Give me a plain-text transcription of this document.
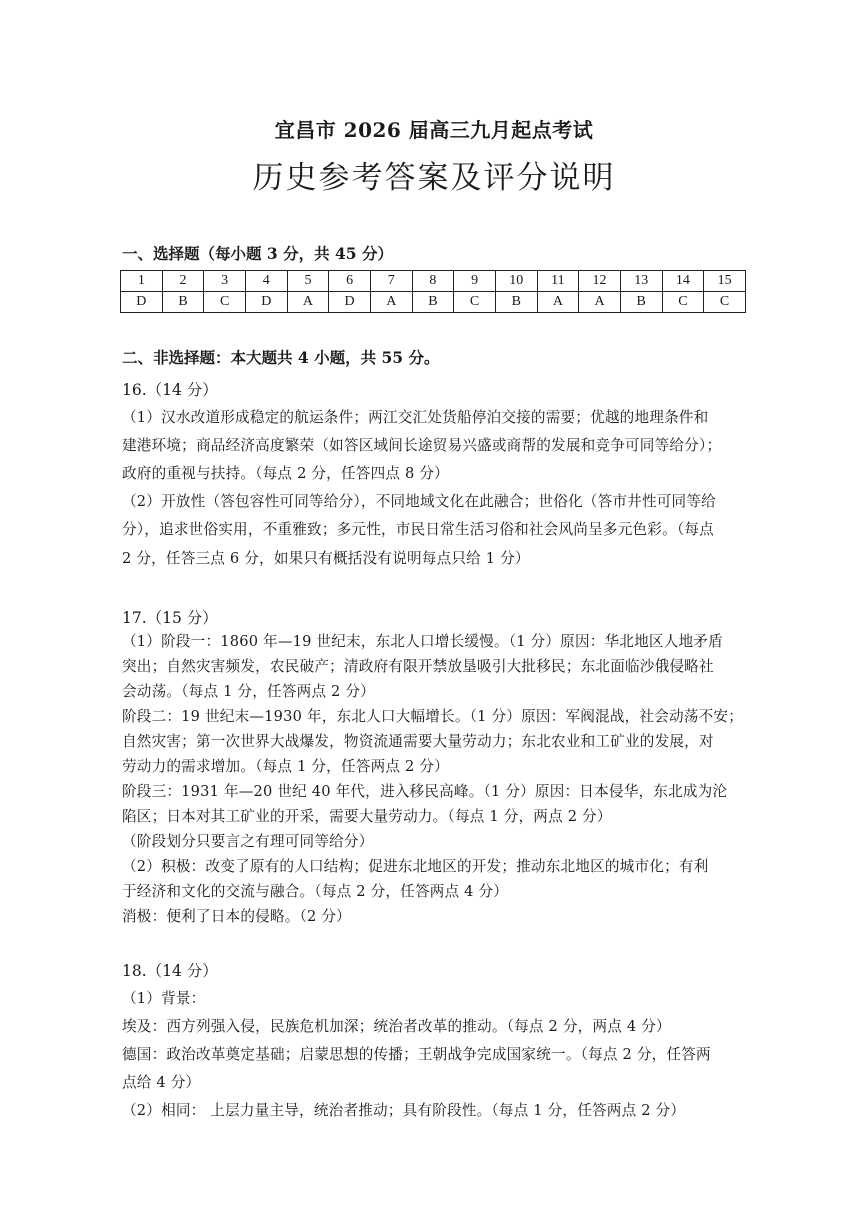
宜昌市 2026 届高三九月起点考试
历史参考答案及评分说明
一、选择题（每小题 3 分，共 45 分）
1	2	3	4	5	6	7	8	9	10	11	12	13	14	15
D	B	C	D	A	D	A	B	C	B	A	A	B	C	C
二、非选择题：本大题共 4 小题，共 55 分。
16.（14 分）
（1）汉水改道形成稳定的航运条件；两江交汇处货船停泊交接的需要；优越的地理条件和
建港环境；商品经济高度繁荣（如答区域间长途贸易兴盛或商帮的发展和竞争可同等给分）；
政府的重视与扶持。（每点 2 分，任答四点 8 分）
（2）开放性（答包容性可同等给分），不同地域文化在此融合；世俗化（答市井性可同等给
分），追求世俗实用，不重雅致；多元性，市民日常生活习俗和社会风尚呈多元色彩。（每点
2 分，任答三点 6 分，如果只有概括没有说明每点只给 1 分）
17.（15 分）
（1）阶段一：1860 年—19 世纪末，东北人口增长缓慢。（1 分）原因：华北地区人地矛盾
突出；自然灾害频发，农民破产；清政府有限开禁放垦吸引大批移民；东北面临沙俄侵略社
会动荡。（每点 1 分，任答两点 2 分）
阶段二：19 世纪末—1930 年，东北人口大幅增长。（1 分）原因：军阀混战，社会动荡不安；
自然灾害；第一次世界大战爆发，物资流通需要大量劳动力；东北农业和工矿业的发展，对
劳动力的需求增加。（每点 1 分，任答两点 2 分）
阶段三：1931 年—20 世纪 40 年代，进入移民高峰。（1 分）原因：日本侵华，东北成为沦
陷区；日本对其工矿业的开采，需要大量劳动力。（每点 1 分，两点 2 分）
（阶段划分只要言之有理可同等给分）
（2）积极：改变了原有的人口结构；促进东北地区的开发；推动东北地区的城市化；有利
于经济和文化的交流与融合。（每点 2 分，任答两点 4 分）
消极：便利了日本的侵略。（2 分）
18.（14 分）
（1）背景：
埃及：西方列强入侵，民族危机加深；统治者改革的推动。（每点 2 分，两点 4 分）
德国：政治改革奠定基础；启蒙思想的传播；王朝战争完成国家统一。（每点 2 分，任答两
点给 4 分）
（2）相同： 上层力量主导，统治者推动；具有阶段性。（每点 1 分，任答两点 2 分）
